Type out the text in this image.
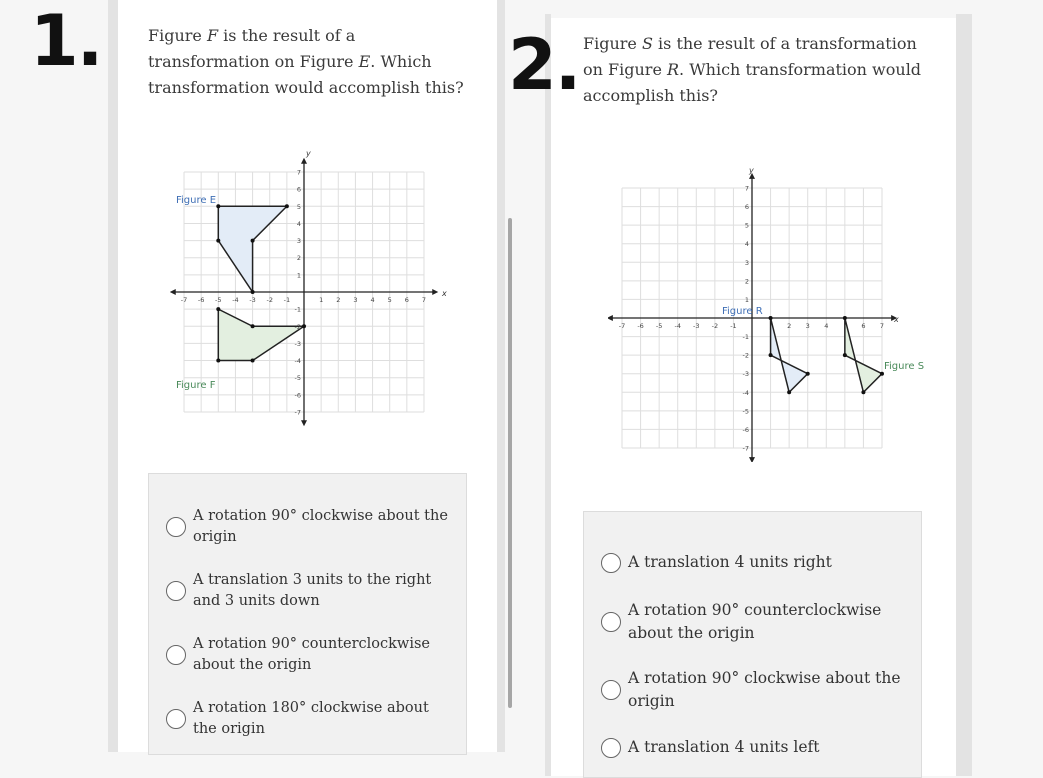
1.	Figure F is the result of a transformation on Figure E. Which transformation would accomplish this?
-7 -6 -5 -4 -3 -2 -1	1 2 3 4 5 6 7
7
6
5
4
3
2
1
-1
-2
-3
-4
-5
-6
-7
Figure E
Figure F
x
y
A rotation 90° clockwise about the origin
A translation 3 units to the right and 3 units down
A rotation 90° counterclockwise about the origin
A rotation 180° clockwise about the origin
2. Figure S is the result of a transformation on Figure R. Which transformation would accomplish this?
-7 -6 -5 -4 -3 -2 -1	2 3 4	6 7
7
6
5
4
3
2
1
-1
-2
-3
-4
-5
-6
-7
Figure R
Figure S
x
y
A translation 4 units right
A rotation 90° counterclockwise about the origin
A rotation 90° clockwise about the origin
A translation 4 units left
